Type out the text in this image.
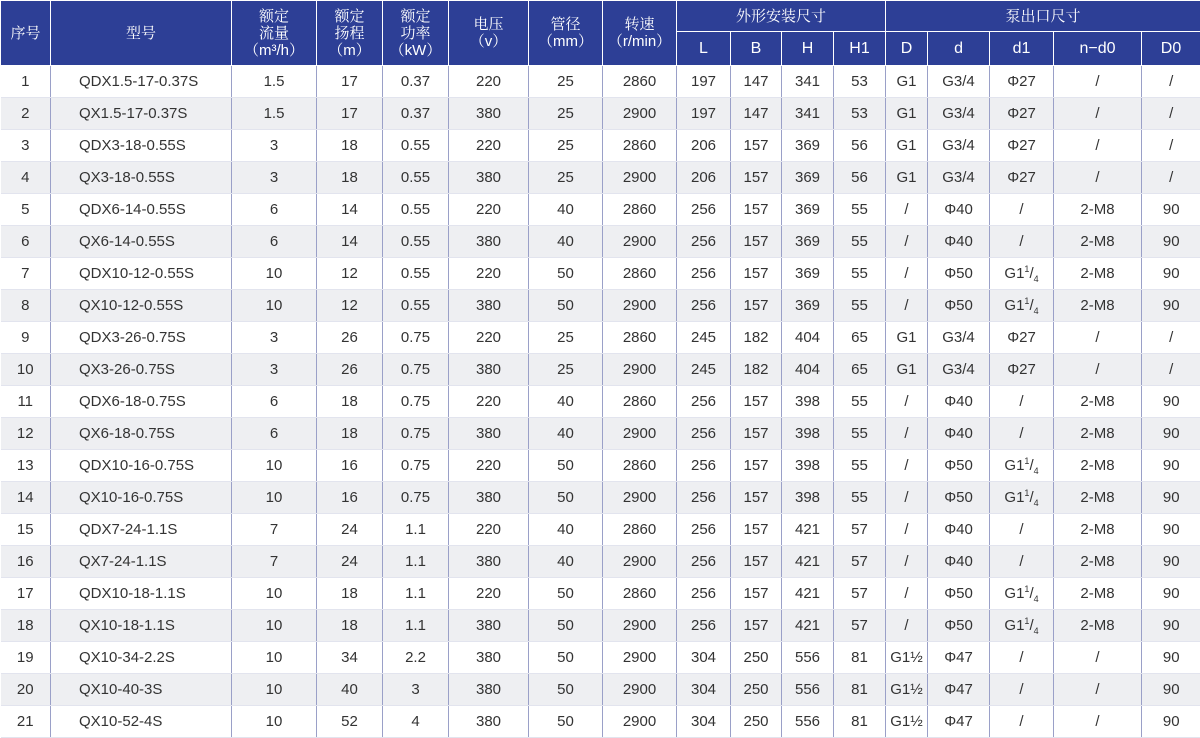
序号	型号	额定
流量
（m³/h）	额定
扬程
（m）	额定
功率
（kW）	电压
（v）	管径
（mm）	转速
（r/min）	外形安装尺寸				泵出口尺寸				
								L	B	H	H1	D	d	d1	n−d0	D0
1	QDX1.5-17-0.37S	1.5	17	0.37	220	25	2860	197	147	341	53	G1	G3/4	Φ27	/	/
2	QX1.5-17-0.37S	1.5	17	0.37	380	25	2900	197	147	341	53	G1	G3/4	Φ27	/	/
3	QDX3-18-0.55S	3	18	0.55	220	25	2860	206	157	369	56	G1	G3/4	Φ27	/	/
4	QX3-18-0.55S	3	18	0.55	380	25	2900	206	157	369	56	G1	G3/4	Φ27	/	/
5	QDX6-14-0.55S	6	14	0.55	220	40	2860	256	157	369	55	/	Φ40	/	2-M8	90
6	QX6-14-0.55S	6	14	0.55	380	40	2900	256	157	369	55	/	Φ40	/	2-M8	90
7	QDX10-12-0.55S	10	12	0.55	220	50	2860	256	157	369	55	/	Φ50	$G1^1/_4$	2-M8	90
8	QX10-12-0.55S	10	12	0.55	380	50	2900	256	157	369	55	/	Φ50	$G1^1/_4$	2-M8	90
9	QDX3-26-0.75S	3	26	0.75	220	25	2860	245	182	404	65	G1	G3/4	Φ27	/	/
10	QX3-26-0.75S	3	26	0.75	380	25	2900	245	182	404	65	G1	G3/4	Φ27	/	/
11	QDX6-18-0.75S	6	18	0.75	220	40	2860	256	157	398	55	/	Φ40	/	2-M8	90
12	QX6-18-0.75S	6	18	0.75	380	40	2900	256	157	398	55	/	Φ40	/	2-M8	90
13	QDX10-16-0.75S	10	16	0.75	220	50	2860	256	157	398	55	/	Φ50	$G1^1/_4$	2-M8	90
14	QX10-16-0.75S	10	16	0.75	380	50	2900	256	157	398	55	/	Φ50	$G1^1/_4$	2-M8	90
15	QDX7-24-1.1S	7	24	1.1	220	40	2860	256	157	421	57	/	Φ40	/	2-M8	90
16	QX7-24-1.1S	7	24	1.1	380	40	2900	256	157	421	57	/	Φ40	/	2-M8	90
17	QDX10-18-1.1S	10	18	1.1	220	50	2860	256	157	421	57	/	Φ50	$G1^1/_4$	2-M8	90
18	QX10-18-1.1S	10	18	1.1	380	50	2900	256	157	421	57	/	Φ50	$G1^1/_4$	2-M8	90
19	QX10-34-2.2S	10	34	2.2	380	50	2900	304	250	556	81	G1½	Φ47	/	/	90
20	QX10-40-3S	10	40	3	380	50	2900	304	250	556	81	G1½	Φ47	/	/	90
21	QX10-52-4S	10	52	4	380	50	2900	304	250	556	81	G1½	Φ47	/	/	90
